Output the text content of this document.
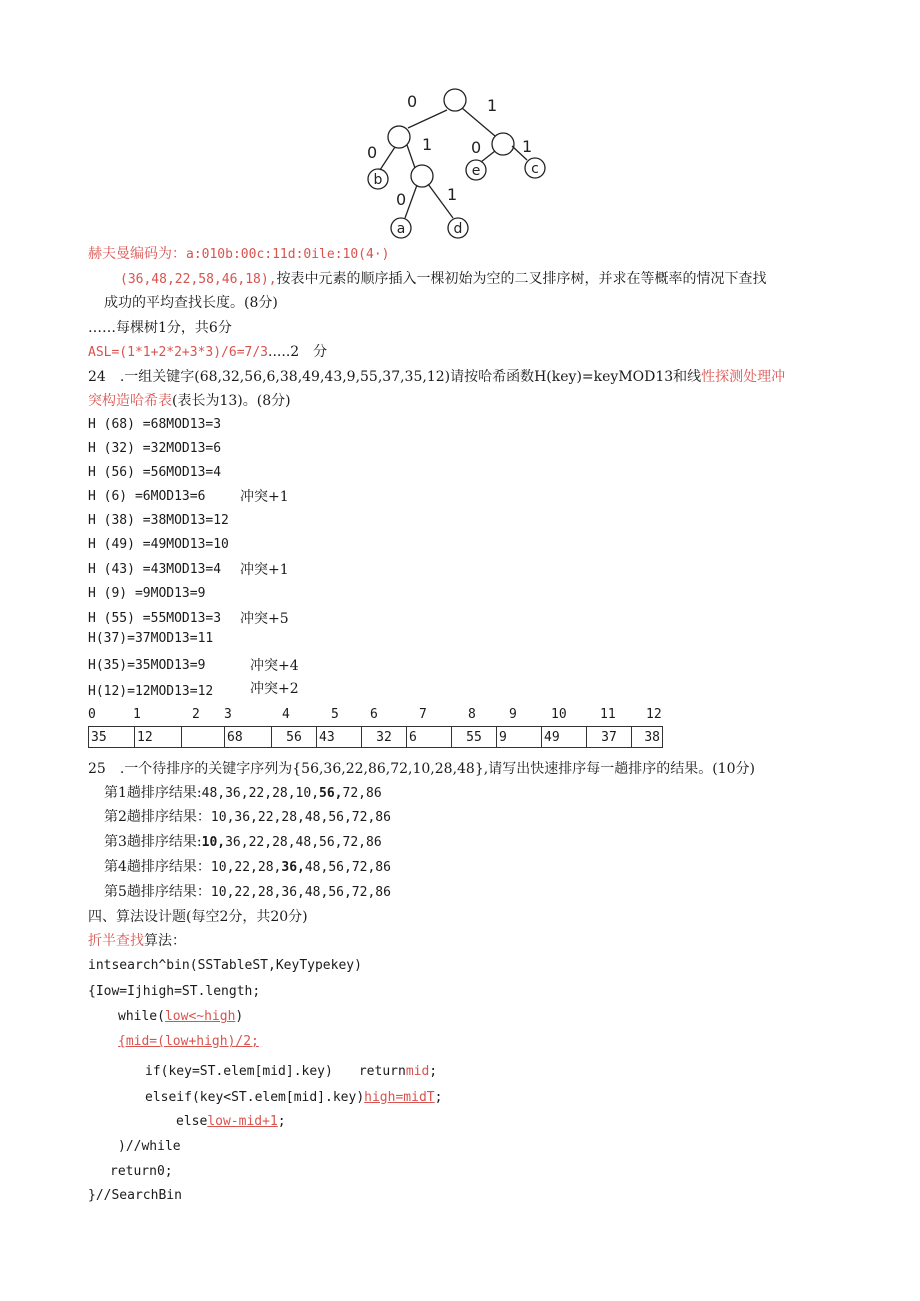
0	1
0	1 0	1
0	1
b
e	c
a	d
赫夫曼编码为：a:010b:00c:11d:0ile:10(4·)
(36,48,22,58,46,18),按表中元素的顺序插入一棵初始为空的二叉排序树，并求在等概率的情况下查找
成功的平均查找长度。(8分)
……每棵树1分，共6分
ASL=(1*1+2*2+3*3)/6=7/3.....2　分
24　.一组关键字(68,32,56,6,38,49,43,9,55,37,35,12)请按哈希函数H(key)=keyMOD13和线性探测处理冲
突构造哈希表(表长为13)。(8分)
H (68) =68MOD13=3
H (32) =32MOD13=6
H (56) =56MOD13=4
H (6) =6MOD13=6 冲突+1
H (38) =38MOD13=12
H (49) =49MOD13=10
H (43) =43MOD13=4 冲突+1
H (9) =9MOD13=9
H (55) =55MOD13=3 冲突+5
H(37)=37MOD13=11
H(35)=35MOD13=9	冲突+4
H(12)=12MOD13=12	冲突+2
0	1	2 3	4	5 6	7	8	9	10	11 12
35	12		68	56	43	32	6	55	9	49	37	38
25　.一个待排序的关键字序列为{56,36,22,86,72,10,28,48},请写出快速排序每一趟排序的结果。(10分)
第1趟排序结果:48,36,22,28,10,56,72,86
第2趟排序结果：10,36,22,28,48,56,72,86
第3趟排序结果:10,36,22,28,48,56,72,86
第4趟排序结果：10,22,28,36,48,56,72,86
第5趟排序结果：10,22,28,36,48,56,72,86
四、算法设计题(每空2分，共20分)
折半查找算法：
intsearch^bin(SSTableST,KeyTypekey)
{Iow=Ijhigh=ST.length;
while(low<~high)
{mid=(low+high)/2;
if(key=ST.elem[mid].key)　　returnmid;
elseif(key<ST.elem[mid].key)high=midT;
elselow-mid+1;
)//while
return0;
}//SearchBin
